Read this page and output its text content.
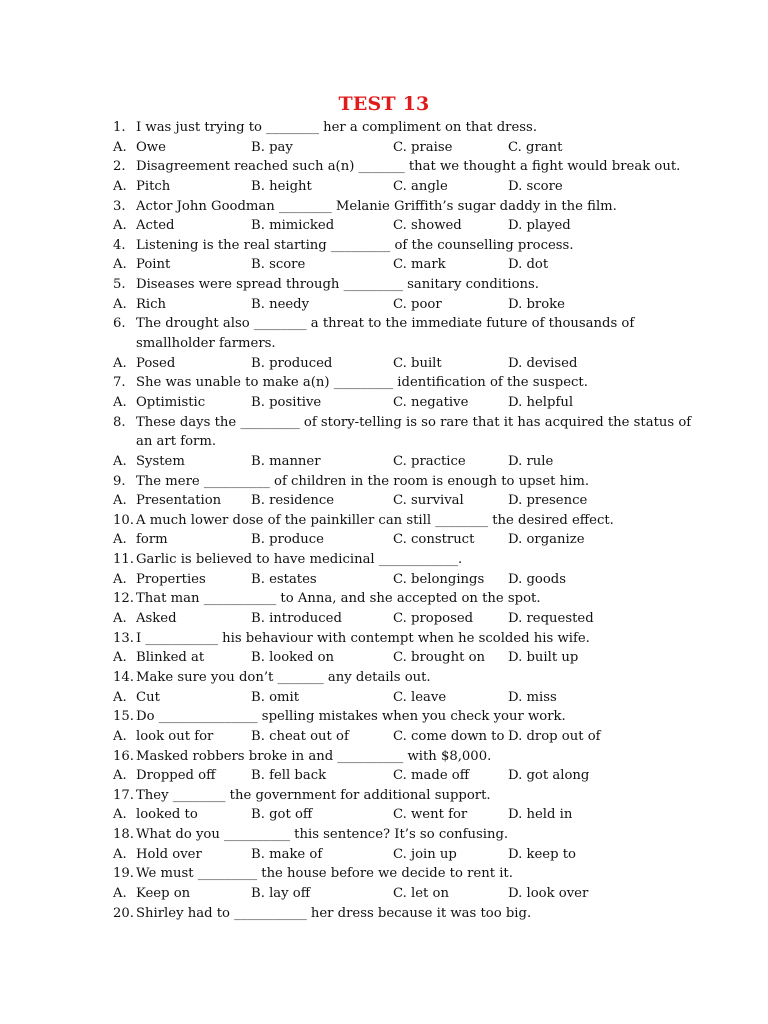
TEST 13
1. I was just trying to ________ her a compliment on that dress.
A. Owe	B. pay	C. praise	C. grant
2. Disagreement reached such a(n) _______ that we thought a fight would break out.
A. Pitch	B. height	C. angle	D. score
3. Actor John Goodman ________ Melanie Griffith’s sugar daddy in the film.
A. Acted	B. mimicked	C. showed	D. played
4. Listening is the real starting _________ of the counselling process.
A. Point	B. score	C. mark	D. dot
5. Diseases were spread through _________ sanitary conditions.
A. Rich	B. needy	C. poor	D. broke
6. The drought also ________ a threat to the immediate future of thousands of
smallholder farmers.
A. Posed	B. produced	C. built	D. devised
7. She was unable to make a(n) _________ identification of the suspect.
A. Optimistic	B. positive	C. negative	D. helpful
8. These days the _________ of story-telling is so rare that it has acquired the status of
an art form.
A. System	B. manner	C. practice	D. rule
9. The mere __________ of children in the room is enough to upset him.
A. Presentation B. residence	C. survival	D. presence
10. A much lower dose of the painkiller can still ________ the desired effect.
A. form	B. produce	C. construct	D. organize
11. Garlic is believed to have medicinal ____________.
A. Properties	B. estates	C. belongings D. goods
12. That man ___________ to Anna, and she accepted on the spot.
A. Asked	B. introduced	C. proposed	D. requested
13. I ___________ his behaviour with contempt when he scolded his wife.
A. Blinked at	B. looked on	C. brought on D. built up
14. Make sure you don’t _______ any details out.
A. Cut	B. omit	C. leave	D. miss
15. Do _______________ spelling mistakes when you check your work.
A. look out for	B. cheat out of	C. come down to D. drop out of
16. Masked robbers broke in and __________ with $8,000.
A. Dropped off	B. fell back	C. made off	D. got along
17. They ________ the government for additional support.
A. looked to	B. got off	C. went for	D. held in
18. What do you __________ this sentence? It’s so confusing.
A. Hold over	B. make of	C. join up	D. keep to
19. We must _________ the house before we decide to rent it.
A. Keep on	B. lay off	C. let on	D. look over
20. Shirley had to ___________ her dress because it was too big.
